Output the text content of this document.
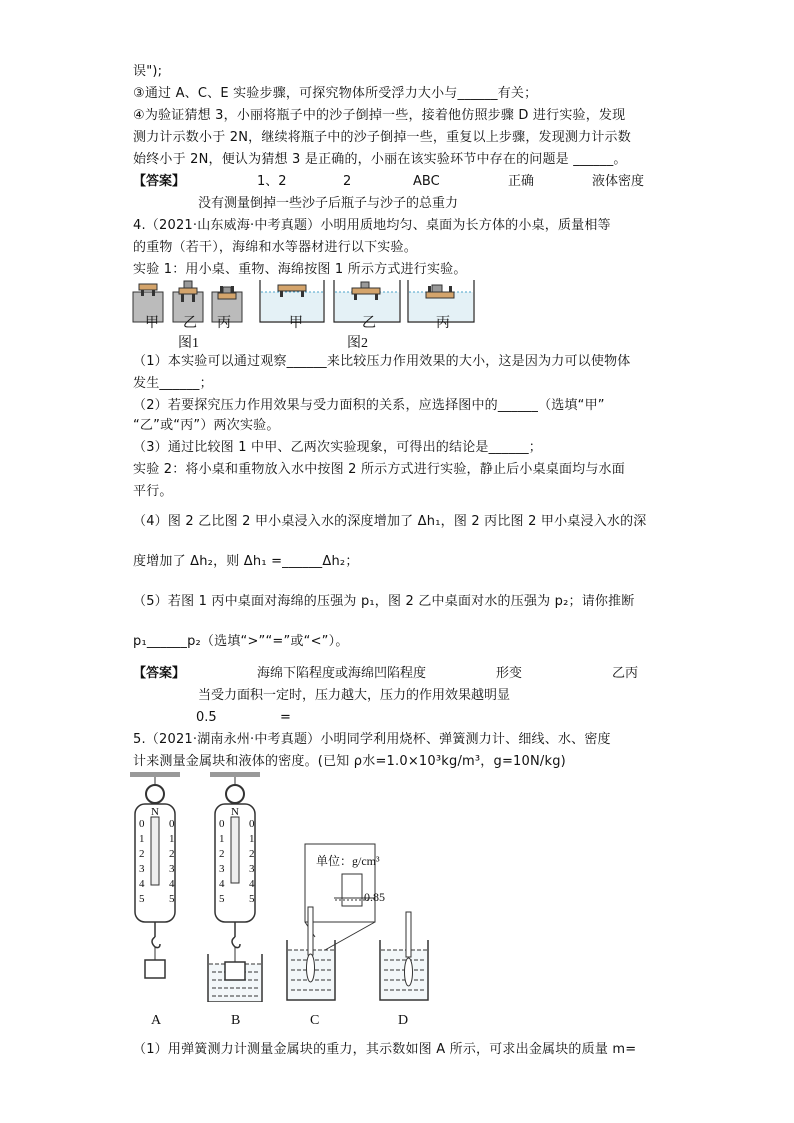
误");
③通过 A、C、E 实验步骤，可探究物体所受浮力大小与______有关；
④为验证猜想 3，小丽将瓶子中的沙子倒掉一些，接着他仿照步骤 D 进行实验，发现
测力计示数小于 2N，继续将瓶子中的沙子倒掉一些，重复以上步骤，发现测力计示数
始终小于 2N，便认为猜想 3 是正确的，小丽在该实验环节中存在的问题是 ______。
【答案】	1、2	2	ABC	正确	液体密度
没有测量倒掉一些沙子后瓶子与沙子的总重力
4.（2021·山东威海·中考真题）小明用质地均匀、桌面为长方体的小桌，质量相等
的重物（若干），海绵和水等器材进行以下实验。
实验 1：用小桌、重物、海绵按图 1 所示方式进行实验。
甲 乙 丙	甲	乙	丙
图1	图2
（1）本实验可以通过观察______来比较压力作用效果的大小，这是因为力可以使物体
发生______；
（2）若要探究压力作用效果与受力面积的关系，应选择图中的______（选填“甲”
“乙”或“丙”）两次实验。
（3）通过比较图 1 中甲、乙两次实验现象，可得出的结论是______；
实验 2：将小桌和重物放入水中按图 2 所示方式进行实验，静止后小桌桌面均与水面
平行。
（4）图 2 乙比图 2 甲小桌浸入水的深度增加了 Δh₁，图 2 丙比图 2 甲小桌浸入水的深
度增加了 Δh₂，则 Δh₁ =______Δh₂；
（5）若图 1 丙中桌面对海绵的压强为 p₁，图 2 乙中桌面对水的压强为 p₂；请你推断
p₁______p₂（选填“>”“=”或“<”）。
【答案】	海绵下陷程度或海绵凹陷程度	形变	乙丙
当受力面积一定时，压力越大，压力的作用效果越明显
0.5	=
5.（2021·湖南永州·中考真题）小明同学利用烧杯、弹簧测力计、细线、水、密度
计来测量金属块和液体的密度。(已知 ρ水=1.0×10³kg/m³，g=10N/kg)
0 0
1 1
2 2
3 3
4 4
5 5
0 0
1 1
2 2
3 3
4 4
5 5
N	N
单位：g/cm³
0.85
A	B	C	D
（1）用弹簧测力计测量金属块的重力，其示数如图 A 所示，可求出金属块的质量 m=
